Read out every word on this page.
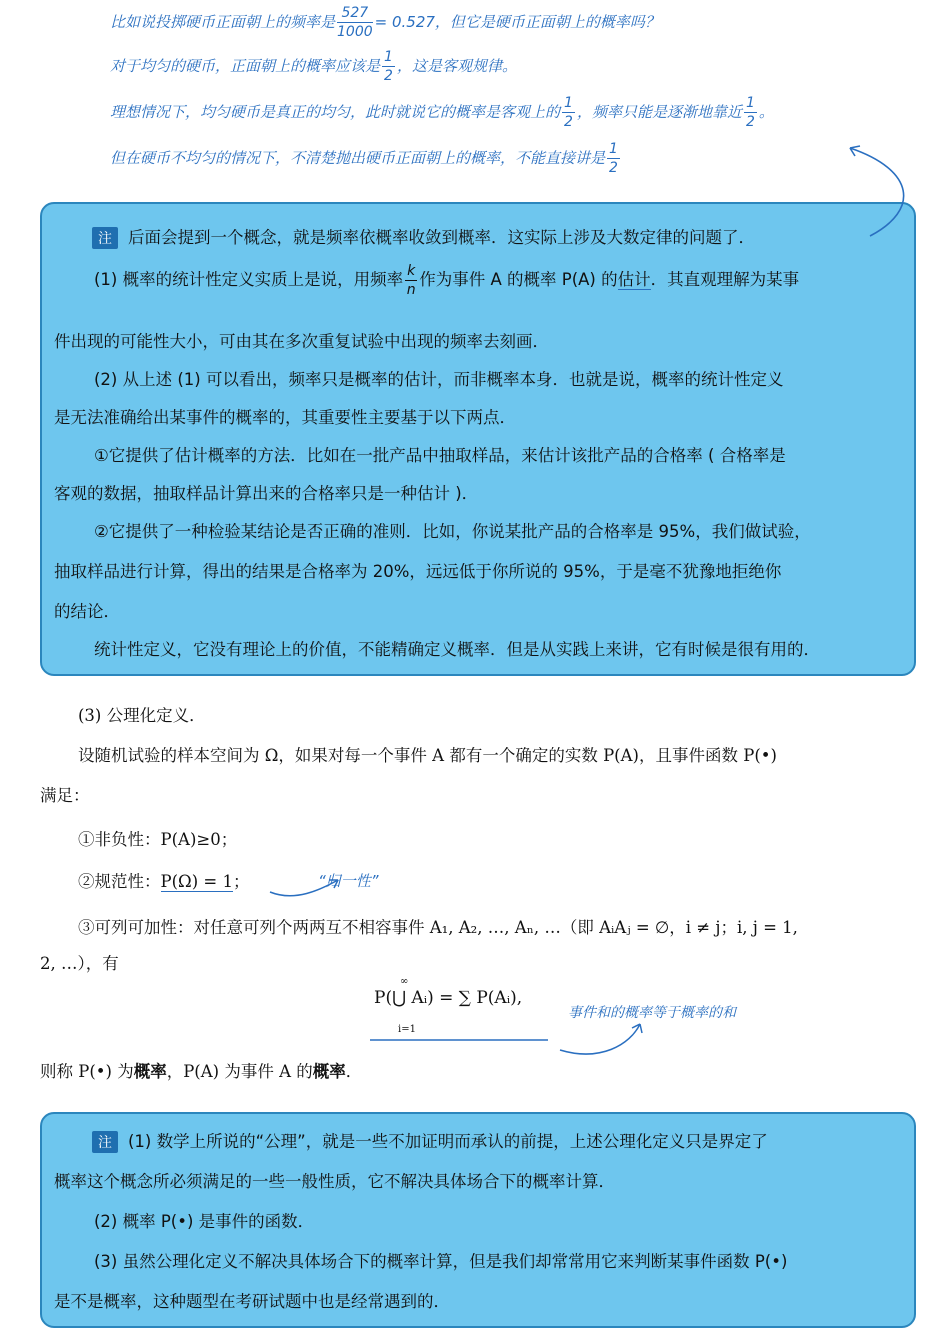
比如说投掷硬币正面朝上的频率是 $\frac{527}{1000} = 0.527$，但它是硬币正面朝上的概率吗？
对于均匀的硬币，正面朝上的概率应该是 $\frac{1}{2}$ ，这是客观规律。
理想情况下，均匀硬币是真正的均匀，此时就说它的概率是客观上的 $\frac{1}{2}$ ，频率只能是逐渐地靠近 $\frac{1}{2}$ 。
但在硬币不均匀的情况下，不清楚抛出硬币正面朝上的概率，不能直接讲是 $\frac{1}{2}$
注 后面会提到一个概念，就是频率依概率收敛到概率．这实际上涉及大数定律的问题了．
(1) 概率的统计性定义实质上是说，用频率 $\frac{k}{n}$ 作为事件 A 的概率 P(A) 的估计．其直观理解为某事
件出现的可能性大小，可由其在多次重复试验中出现的频率去刻画．
(2) 从上述 (1) 可以看出，频率只是概率的估计，而非概率本身．也就是说，概率的统计性定义
是无法准确给出某事件的概率的，其重要性主要基于以下两点．
①它提供了估计概率的方法．比如在一批产品中抽取样品，来估计该批产品的合格率 ( 合格率是
客观的数据，抽取样品计算出来的合格率只是一种估计 )．
②它提供了一种检验某结论是否正确的准则．比如，你说某批产品的合格率是 95%，我们做试验，
抽取样品进行计算，得出的结果是合格率为 20%，远远低于你所说的 95%，于是毫不犹豫地拒绝你
的结论．
统计性定义，它没有理论上的价值，不能精确定义概率．但是从实践上来讲，它有时候是很有用的．
(3) 公理化定义．
设随机试验的样本空间为 Ω，如果对每一个事件 A 都有一个确定的实数 P(A)，且事件函数 P(•)
满足：
①非负性：P(A)≥0；
②规范性：P(Ω) = 1；	“归一性”
③可列可加性：对任意可列个两两互不相容事件 A₁, A₂, …, Aₙ, …（即 AᵢAⱼ = ∅，i ≠ j；i, j = 1,
2, …），有
P(⋃ Aᵢ) = ∑ P(Aᵢ),
∞
i=1
事件和的概率等于概率的和
则称 P(•) 为概率，P(A) 为事件 A 的概率．
注 (1) 数学上所说的“公理”，就是一些不加证明而承认的前提，上述公理化定义只是界定了
概率这个概念所必须满足的一些一般性质，它不解决具体场合下的概率计算．
(2) 概率 P(•) 是事件的函数．
(3) 虽然公理化定义不解决具体场合下的概率计算，但是我们却常常用它来判断某事件函数 P(•)
是不是概率，这种题型在考研试题中也是经常遇到的．
